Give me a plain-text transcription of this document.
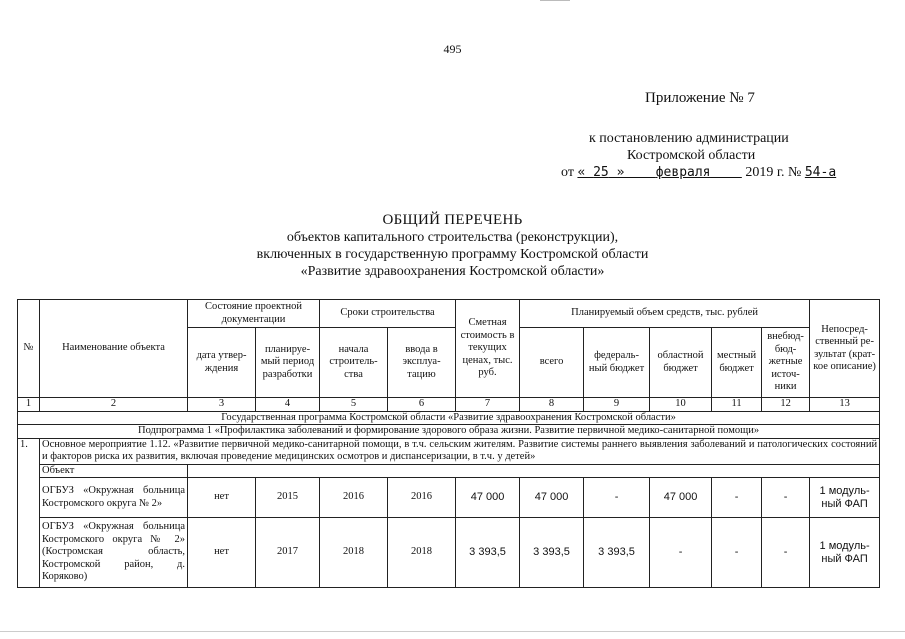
495
Приложение № 7
к постановлению администрации
Костромской области
от « 25 »    февраля 2019 г. № 54-а
ОБЩИЙ ПЕРЕЧЕНЬ
объектов капитального строительства (реконструкции),
включенных в государственную программу Костромской области
«Развитие здравоохранения Костромской области»
№	Наименование объекта	Состояние проектной документации		Сроки строительства		Сметная стоимость в текущих ценах, тыс. руб.	Планируемый объем средств, тыс. рублей					Непосред-ственный ре-зультат (крат-кое описание)
		дата утвер-ждения	планируе-мый период разработки	начала строитель-ства	ввода в эксплуа-тацию		всего	федераль-ный бюджет	областной бюджет	местный бюджет	внебюд-бюд-жетные источ-ники	
1	2	3	4	5	6	7	8	9	10	11	12	13
Государственная программа Костромской области «Развитие здравоохранения Костромской области»												
Подпрограмма 1 «Профилактика заболеваний и формирование здорового образа жизни. Развитие первичной медико-санитарной помощи»												
1.	Основное мероприятие 1.12. «Развитие первичной медико-санитарной помощи, в т.ч. сельским жителям. Развитие системы раннего выявления заболеваний и патологических состояний и факторов риска их развития, включая проведение медицинских осмотров и диспансеризации, в т.ч. у детей»											
	Объект											
	ОГБУЗ «Окружная больница Костромского округа № 2»	нет	2015	2016	2016	47 000	47 000	-	47 000	-	-	1 модуль-ный ФАП
	ОГБУЗ «Окружная больница Костромского округа № 2» (Костромская область, Костромской район, д. Коряково)	нет	2017	2018	2018	3 393,5	3 393,5	3 393,5	-	-	-	1 модуль-ный ФАП
